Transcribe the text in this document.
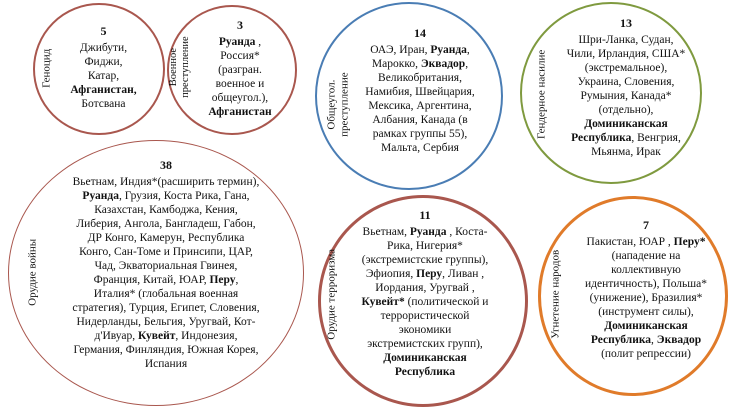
Геноцид
5
Джибути,
Фиджи,
Катар,
Афганистан,
Ботсвана
Военное преступление
3
Руанда ,
Россия*
(разгран.
военное и
общеугол.),
Афганистан	Общеугол. преступление
14
ОАЭ, Иран, Руанда,
Марокко, Эквадор,
Великобритания,
Намибия, Швейцария,
Мексика, Аргентина,
Албания, Канада (в
рамках группы 55),
Мальта, Сербия
Гендерное насилие
13
Шри-Ланка, Судан,
Чили, Ирландия, США*
(экстремальное),
Украина, Словения,
Румыния, Канада*
(отдельно),
Доминиканская
Республика, Венгрия,
Мьянма, Ирак
Орудие войны
38
Вьетнам, Индия*(расширить термин),
Руанда, Грузия, Коста Рика, Гана,
Казахстан, Камбоджа, Кения,
Либерия, Ангола, Бангладеш, Габон,
ДР Конго, Камерун, Республика
Конго, Сан-Томе и Принсипи, ЦАР,
Чад, Экваториальная Гвинея,
Франция, Китай, ЮАР, Перу,
Италия* (глобальная военная
стратегия), Турция, Египет, Словения,
Нидерланды, Бельгия, Уругвай, Кот-
д'Ивуар, Кувейт, Индонезия,
Германия, Финляндия, Южная Корея,
Испания
Орудие терроризма
11
Вьетнам, Руанда , Коста-
Рика, Нигерия*
(экстремистские группы),
Эфиопия, Перу, Ливан ,
Иордания, Уругвай ,
Кувейт* (политической и
террористической
экономики
экстремистских групп),
Доминиканская
Республика
Угнетение народов
7
Пакистан, ЮАР , Перу*
(нападение на
коллективную
идентичность), Польша*
(унижение), Бразилия*
(инструмент силы),
Доминиканская
Республика, Эквадор
(полит репрессии)
